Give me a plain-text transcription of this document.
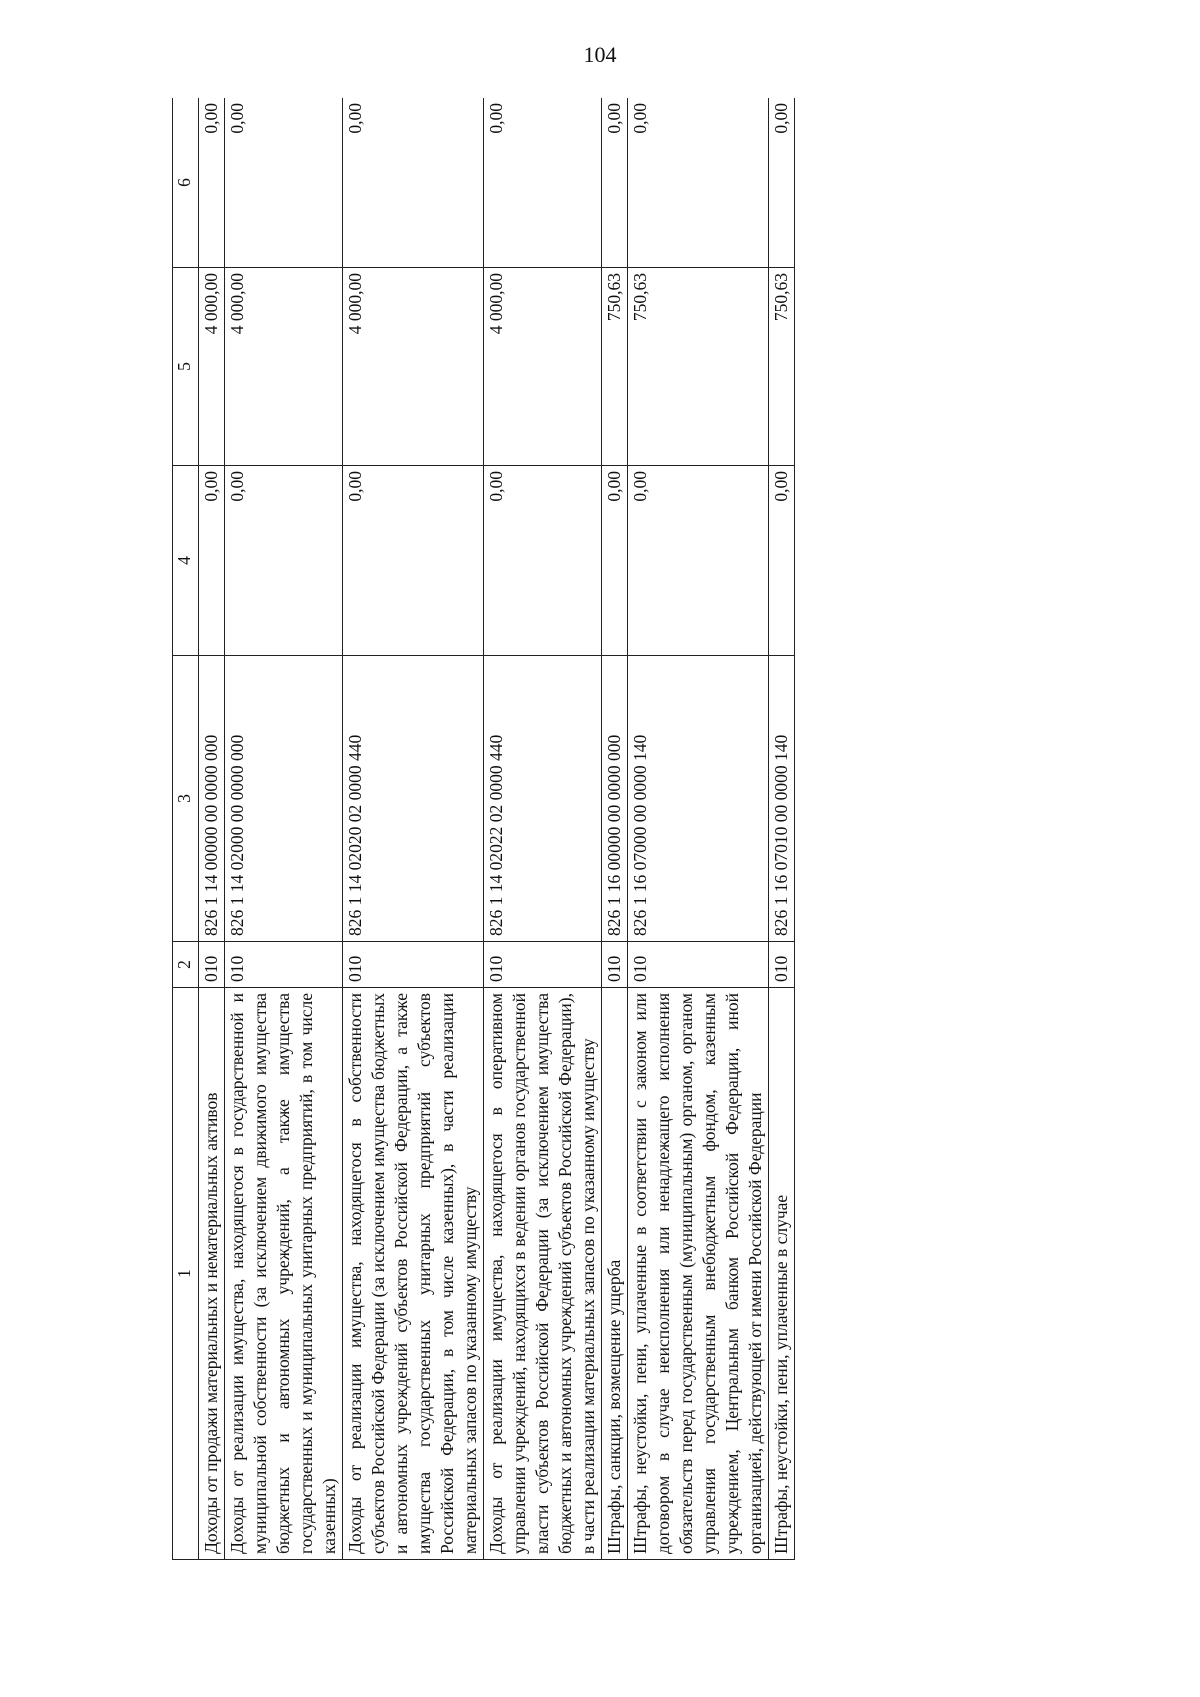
104
1	2	3	4	5	6
Доходы от продажи материальных и нематериальных активов	010	826 1 14 00000 00 0000 000	0,00	4 000,00	0,00
Доходы от реализации имущества, находящегося в государственной и муниципальной собственности (за исключением движимого имущества бюджетных и автономных учреждений, а также имущества государственных и муниципальных унитарных предприятий, в том числе казенных)	010	826 1 14 02000 00 0000 000	0,00	4 000,00	0,00
Доходы от реализации имущества, находящегося в собственности субъектов Российской Федерации (за исключением имущества бюджетных и автономных учреждений субъектов Российской Федерации, а также имущества государственных унитарных предприятий субъектов Российской Федерации, в том числе казенных), в части реализации материальных запасов по указанному имуществу	010	826 1 14 02020 02 0000 440	0,00	4 000,00	0,00
Доходы от реализации имущества, находящегося в оперативном управлении учреждений, находящихся в ведении органов государственной власти субъектов Российской Федерации (за исключением имущества бюджетных и автономных учреждений субъектов Российской Федерации), в части реализации материальных запасов по указанному имуществу	010	826 1 14 02022 02 0000 440	0,00	4 000,00	0,00
Штрафы, санкции, возмещение ущерба	010	826 1 16 00000 00 0000 000	0,00	750,63	0,00
Штрафы, неустойки, пени, уплаченные в соответствии с законом или договором в случае неисполнения или ненадлежащего исполнения обязательств перед государственным (муниципальным) органом, органом управления государственным внебюджетным фондом, казенным учреждением, Центральным банком Российской Федерации, иной организацией, действующей от имени Российской Федерации	010	826 1 16 07000 00 0000 140	0,00	750,63	0,00
Штрафы, неустойки, пени, уплаченные в случае	010	826 1 16 07010 00 0000 140	0,00	750,63	0,00
